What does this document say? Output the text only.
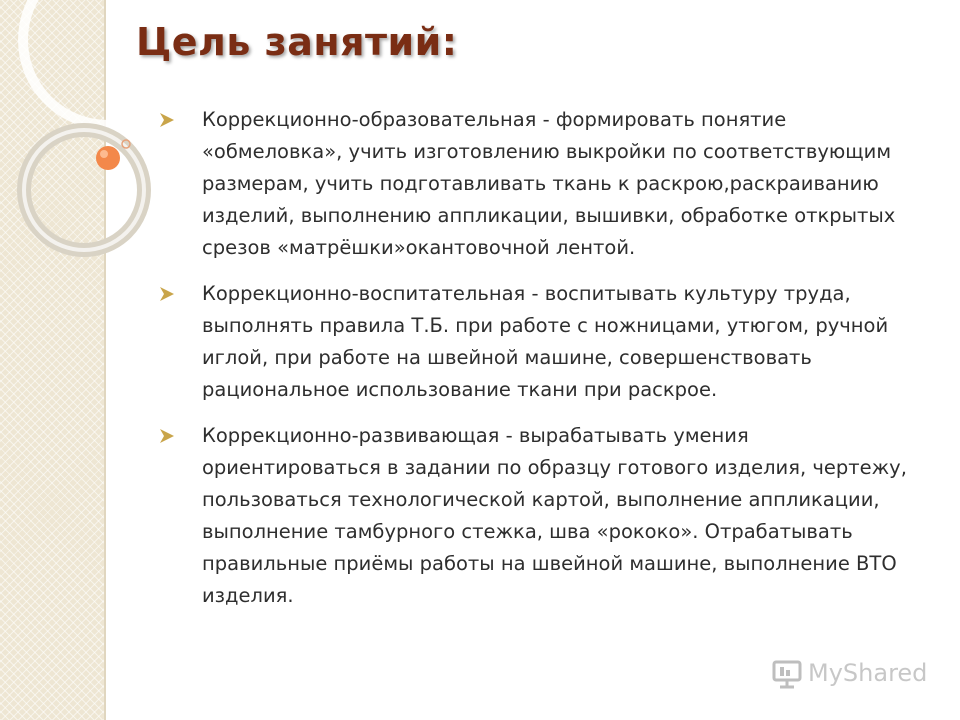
Цель занятий:
Коррекционно-образовательная - формировать понятие «обмеловка», учить изготовлению выкройки по соответствующим размерам, учить подготавливать ткань к раскрою,раскраиванию изделий, выполнению аппликации, вышивки, обработке открытых срезов «матрёшки»окантовочной лентой.
Коррекционно-воспитательная - воспитывать культуру труда, выполнять правила Т.Б. при работе с ножницами, утюгом, ручной иглой, при работе на швейной машине, совершенствовать рациональное использование ткани при раскрое.
Коррекционно-развивающая - вырабатывать умения ориентироваться в задании по образцу готового изделия, чертежу, пользоваться технологической картой, выполнение аппликации, выполнение тамбурного стежка, шва «рококо». Отрабатывать правильные приёмы работы на швейной машине, выполнение ВТО изделия.
MyShared
